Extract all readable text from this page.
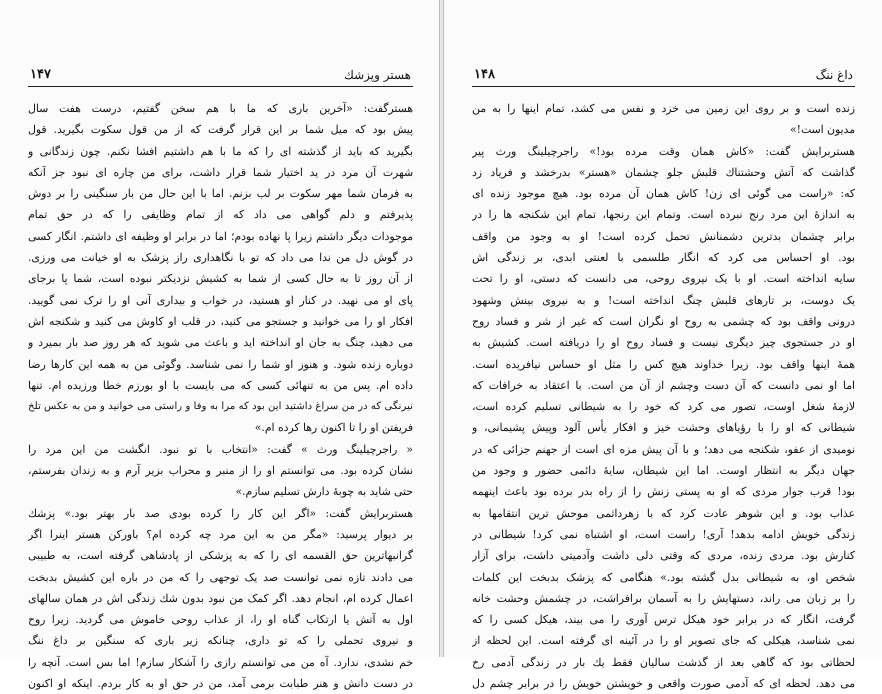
۱۴۷	هستر وپزشك
هسترگفت: «آخرین باری که ما با هم سخن گفتیم، درست هفت سال
پیش بود که میل شما بر این قرار گرفت که از من قول سکوت بگیرید. قول
بگیرید که باید از گذشته ای را که ما با هم داشتیم افشا نکنم. چون زندگانی و
شهرت آن مرد در ید اختیار شما قرار داشت، برای من چاره ای نبود جز آنکه
به فرمان شما مهر سکوت بر لب بزنم. اما با این حال من بار سنگینی را بر دوش
پذیرفتم و دلم گواهی می داد که از تمام وظایفی را که در حق تمام
موجودات دیگر داشتم زیرا پا نهاده بودم؛ اما در برابر او وظیفه ای داشتم. انگار کسی
در گوش دل من ندا می داد که تو با نگاهداری راز پزشک به او خیانت می ورزی.
از آن روز تا به حال کسی از شما به کشیش نزدیکتر نبوده است، شما پا برجای
پای او می نهید. در کنار او هستید، در خواب و بیداری آنی او را ترک نمی گویید.
افکار او را می خوانید و جستجو می کنید، در قلب او کاوش می کنید و شکنجه اش
می دهید، چنگ به جان او انداخته اید و باعث می شوید که هر روز صد بار بمیرد و
دوباره زنده شود. و هنوز او شما را نمی شناسد. وگوئی من به همه این کارها رضا
داده ام. پس من به تنهائی کسی که می بایست با او بورزم خطا ورزیده ام. تنها
نیرنگی که در من سراغ داشتید این بود که مرا به وفا و راستی می خوانید و من به عکس تلخ
فریفتن او را تا اکنون رها کرده ام.»
« راجرچیلینگ ورث » گفت: «انتخاب با تو نبود. انگشت من این مرد را
نشان کرده بود. می توانستم او را از منبر و محراب بزیر آرم و به زندان بفرستم،
حتی شاید به چوبهٔ دارش تسلیم سازم.»
هستربرایش گفت: «اگر این کار را کرده بودی صد بار بهتر بود.» پزشك
بر دیوار پرسید: «مگر من به این مرد چه کرده ام؟ باورکن هستر اینرا اگر
گرانبهاترین حق القسمه ای را که به پزشکی از پادشاهی گرفته است، به طبیبی
می دادند تازه نمی توانست صد یک توجهی را که من در باره این کشیش بدبخت
اعمال کرده ام، انجام دهد. اگر کمک من نبود بدون شك زندگی اش در همان سالهای
اول به آتش یا ارتکاب گناه او را، از عذاب روحی خاموش می گردید. زیرا روح
و نیروی تحملی را که تو داری، چنانکه زیر باری که سنگین بر داغ ننگ
خم نشدی، ندارد. آه من می توانستم رازی را آشکار سازم! اما بس است. آنچه را
در دست دانش و هنر طبابت برمی آمد، من در حق او به کار بردم. اینکه او اکنون
۱۴۸	داغ ننگ
زنده است و بر روی این زمین می خزد و نفس می کشد، تمام اینها را به من
مدیون است!»
هستربرایش گفت: «کاش همان وقت مرده بود!» راجرچیلینگ ورث پیر
گذاشت که آتش وحشتناك قلبش جلو چشمان «هستر» بدرخشد و فریاد زد
که: «راست می گوئی ای زن! کاش همان آن مرده بود. هیچ موجود زنده ای
به اندازهٔ این مرد رنج نبرده است. وتمام این رنجها، تمام این شکنجه ها را در
برابر چشمان بدترین دشمنانش تحمل کرده است! او به وجود من واقف
بود. او احساس می کرد که انگار طلسمی با لعنتی ابدی، بر زندگی اش
سایه انداخته است. او با یک نیروی روحی، می دانست که دستی، او را تحت
یک دوست، بر تارهای قلبش چنگ انداخته است! و به نیروی بینش وشهود
درونی واقف بود که چشمی به روح او نگران است که غیر از شر و فساد روح
او در جستجوی چیز دیگری نیست و فساد روح او را دریافته است. کشیش به
همهٔ اینها واقف بود. زیرا خداوند هیچ کس را مثل او حساس نیافریده است.
اما او نمی دانست که آن دست وچشم از آن من است. با اعتقاد به خرافات که
لازمهٔ شغل اوست، تصور می کرد که خود را به شیطانی تسلیم کرده است،
شیطانی که او را با رؤیاهای وحشت خیز و افکار یأس آلود وپیش پشیمانی، و
نومیدی از عفو، شکنجه می دهد؛ و با آن پیش مزه ای است از جهنم جزائی که در
جهان دیگر به انتظار اوست. اما این شیطان، سایهٔ دائمی حضور و وجود من
بود! قرب جوار مردی که او به پستی زنش را از راه بدر برده بود باعث اینهمه
عذاب بود. و این شوهر عادت کرد که با زهرداثمی موحش ترین انتقامها به
زندگی خویش ادامه بدهد! آری! راست است، او اشتباه نمی کرد! شیطانی در
کنارش بود. مردی زنده، مردی که وقتی دلی داشت وآدمیتی داشت، برای آزار
شخص او، به شیطانی بدل گشته بود.» هنگامی که پزشک بدبخت این کلمات
را بر زبان می راند، دستهایش را به آسمان برافراشت، در چشمش وحشت خانه
گرفت، انگار که در برابر خود هیکل ترس آوری را می بیند، هیکل کسی را که
نمی شناسد، هیکلی که جای تصویر او را در آئینه ای گرفته است. این لحظه از
لحظاتی بود که گاهی بعد از گذشت سالیان فقط یك بار در زندگی آدمی رخ
می دهد. لحظه ای که آدمی صورت واقعی و خویشتن خویش را در برابر چشم دل
